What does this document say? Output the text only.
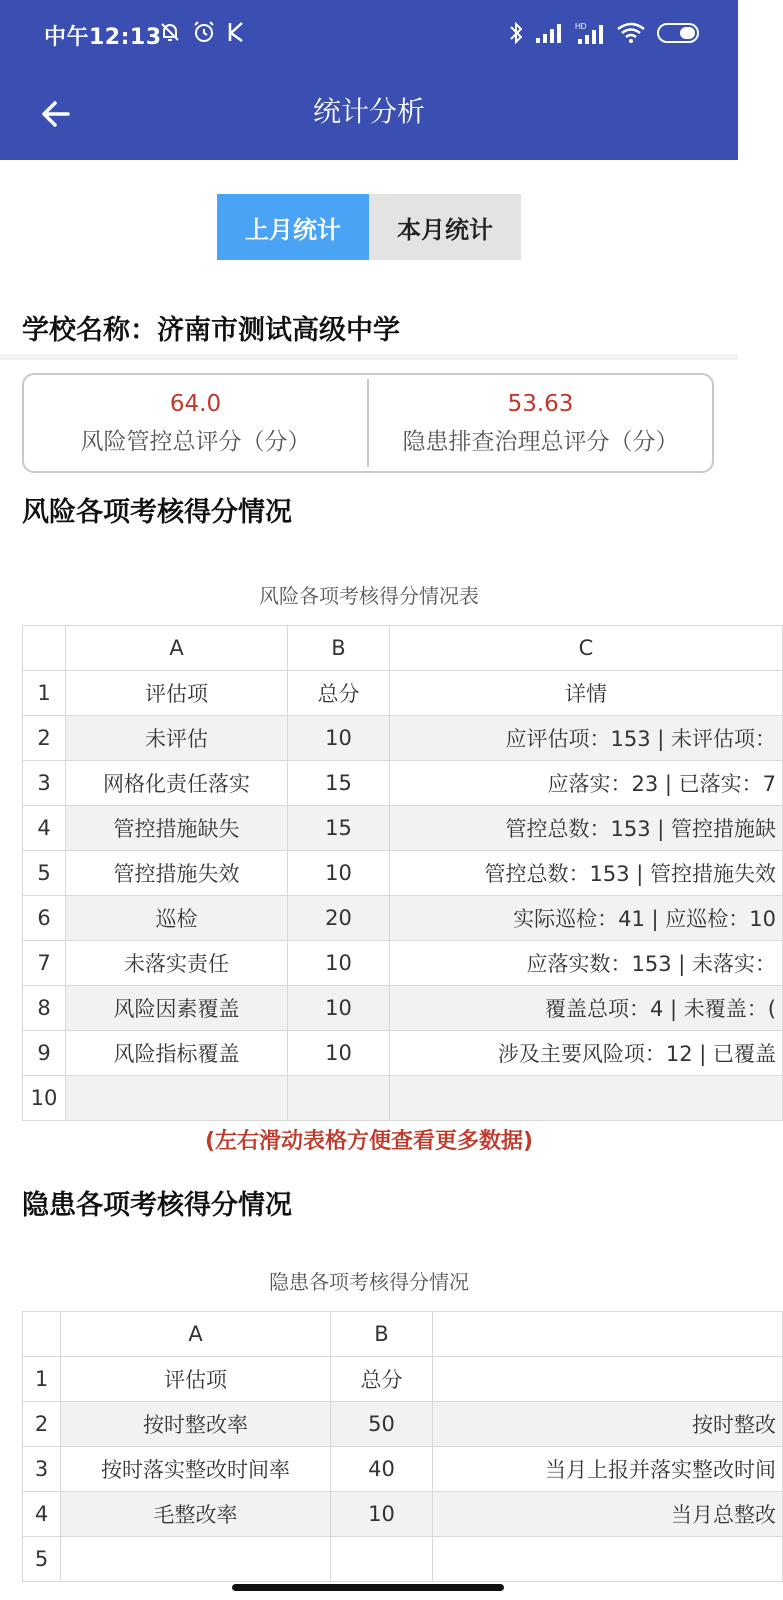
中午12:13	HD
统计分析
上月统计	本月统计
学校名称：济南市测试高级中学
64.0
风险管控总评分（分）
53.63
隐患排查治理总评分（分）
风险各项考核得分情况
风险各项考核得分情况表
	A	B	C
1	评估项	总分	详情
2	未评估	10	应评估项：153 | 未评估项：
3	网格化责任落实	15	应落实：23 | 已落实：7
4	管控措施缺失	15	管控总数：153 | 管控措施缺
5	管控措施失效	10	管控总数：153 | 管控措施失效
6	巡检	20	实际巡检：41 | 应巡检：10
7	未落实责任	10	应落实数：153 | 未落实：
8	风险因素覆盖	10	覆盖总项：4 | 未覆盖：(
9	风险指标覆盖	10	涉及主要风险项：12 | 已覆盖
10			
(左右滑动表格方便查看更多数据)
隐患各项考核得分情况
隐患各项考核得分情况
	A	B	
1	评估项	总分	
2	按时整改率	50	按时整改
3	按时落实整改时间率	40	当月上报并落实整改时间
4	毛整改率	10	当月总整改
5			
